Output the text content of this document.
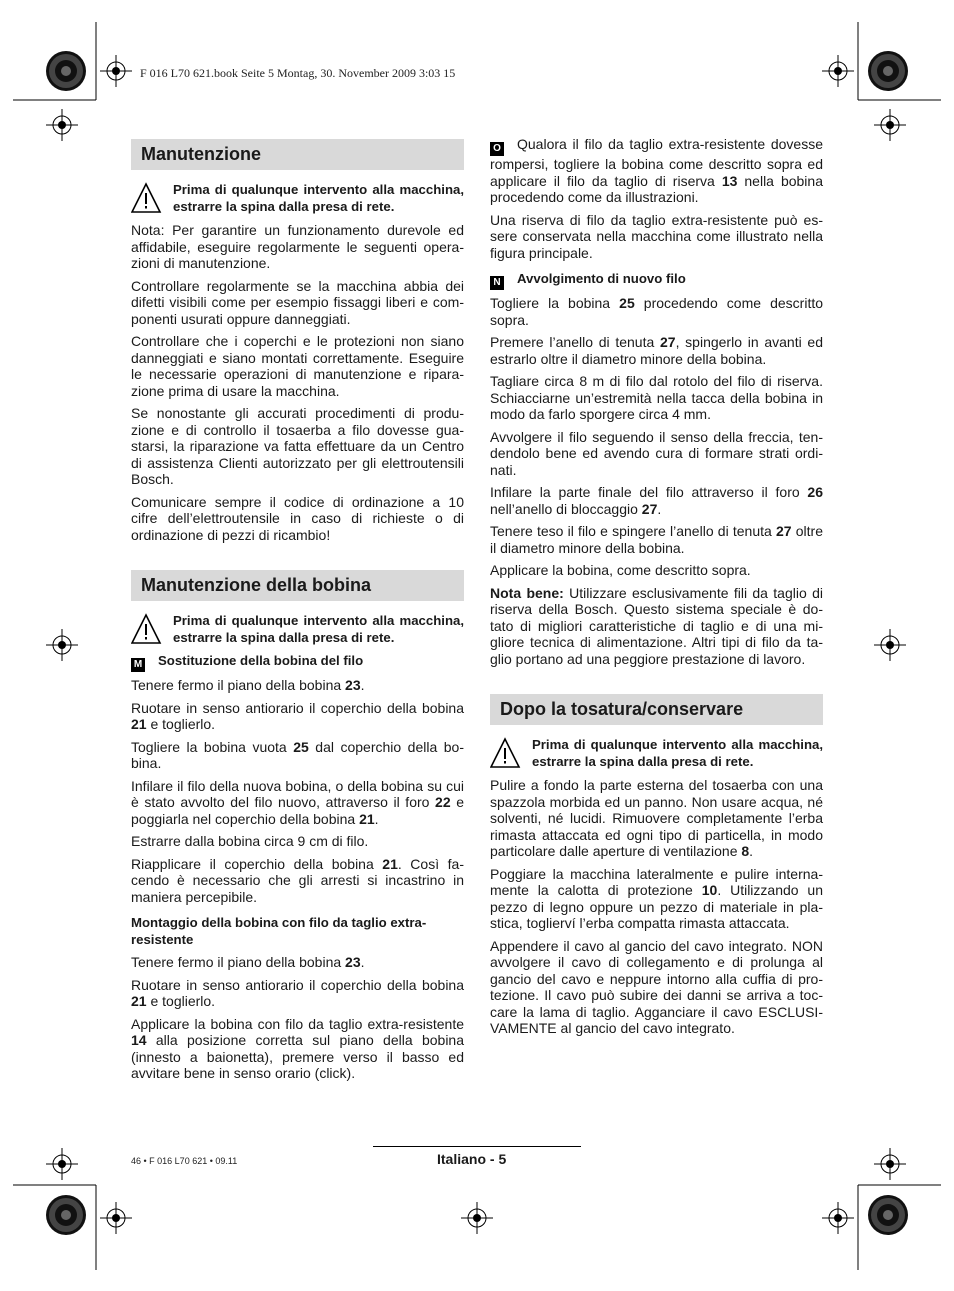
F 016 L70 621.book Seite 5 Montag, 30. November 2009 3:03 15
Manutenzione
Prima di qualunque intervento alla macchina, estrarre la spina dalla presa di rete.

Nota: Per garantire un funzionamento durevole ed affidabile, eseguire regolarmente le seguenti operazioni di manutenzione.

Controllare regolarmente se la macchina abbia dei difetti visibili come per esempio fissaggi liberi e componenti usurati oppure danneggiati.

Controllare che i coperchi e le protezioni non siano danneggiati e siano montati correttamente. Eseguire le necessarie operazioni di manutenzione e riparazione prima di usare la macchina.

Se nonostante gli accurati procedimenti di produzione e di controllo il tosaerba a filo dovesse guastarsi, la riparazione va fatta effettuare da un Centro di assistenza Clienti autorizzato per gli elettroutensili Bosch.

Comunicare sempre il codice di ordinazione a 10 cifre dell’elettroutensile in caso di richieste o di ordinazione di pezzi di ricambio!

Manutenzione della bobina
Prima di qualunque intervento alla macchina, estrarre la spina dalla presa di rete.
M Sostituzione della bobina del filo

Tenere fermo il piano della bobina 23.

Ruotare in senso antiorario il coperchio della bobina 21 e toglierlo.

Togliere la bobina vuota 25 dal coperchio della bobina.

Infilare il filo della nuova bobina, o della bobina su cui è stato avvolto del filo nuovo, attraverso il foro 22 e poggiarla nel coperchio della bobina 21.

Estrarre dalla bobina circa 9 cm di filo.

Riapplicare il coperchio della bobina 21. Così facendo è necessario che gli arresti si incastrino in maniera percepibile.

Montaggio della bobina con filo da taglio extraresistente

Tenere fermo il piano della bobina 23.

Ruotare in senso antiorario il coperchio della bobina 21 e toglierlo.

Applicare la bobina con filo da taglio extra-resistente 14 alla posizione corretta sul piano della bobina (innesto a baionetta), premere verso il basso ed avvitare bene in senso orario (click).

O Qualora il filo da taglio extra-resistente dovesse rompersi, togliere la bobina come descritto sopra ed applicare il filo da taglio di riserva 13 nella bobina procedendo come da illustrazioni.

Una riserva di filo da taglio extra-resistente può essere conservata nella macchina come illustrato nella figura principale.

N Avvolgimento di nuovo filo

Togliere la bobina 25 procedendo come descritto sopra.

Premere l’anello di tenuta 27, spingerlo in avanti ed estrarlo oltre il diametro minore della bobina.

Tagliare circa 8 m di filo dal rotolo del filo di riserva. Schiacciarne un’estremità nella tacca della bobina in modo da farlo sporgere circa 4 mm.

Avvolgere il filo seguendo il senso della freccia, tendendolo bene ed avendo cura di formare strati ordinati.

Infilare la parte finale del filo attraverso il foro 26 nell’anello di bloccaggio 27.

Tenere teso il filo e spingere l’anello di tenuta 27 oltre il diametro minore della bobina.

Applicare la bobina, come descritto sopra.

Nota bene: Utilizzare esclusivamente fili da taglio di riserva della Bosch. Questo sistema speciale è dotato di migliori caratteristiche di taglio e di una migliore tecnica di alimentazione. Altri tipi di filo da taglio portano ad una peggiore prestazione di lavoro.

Dopo la tosatura/conservare
Prima di qualunque intervento alla macchina, estrarre la spina dalla presa di rete.

Pulire a fondo la parte esterna del tosaerba con una spazzola morbida ed un panno. Non usare acqua, né solventi, né lucidi. Rimuovere completamente l’erba rimasta attaccata ed ogni tipo di particella, in modo particolare dalle aperture di ventilazione 8.

Poggiare la macchina lateralmente e pulire internamente la calotta di protezione 10. Utilizzando un pezzo di legno oppure un pezzo di materiale in plastica, toglierví l’erba compatta rimasta attaccata.

Appendere il cavo al gancio del cavo integrato. NON avvolgere il cavo di collegamento e di prolunga al gancio del cavo e neppure intorno alla cuffia di protezione. Il cavo può subire dei danni se arriva a toccare la lama di taglio. Agganciare il cavo ESCLUSIVAMENTE al gancio del cavo integrato.

46 • F 016 L70 621 • 09.11	Italiano - 5
